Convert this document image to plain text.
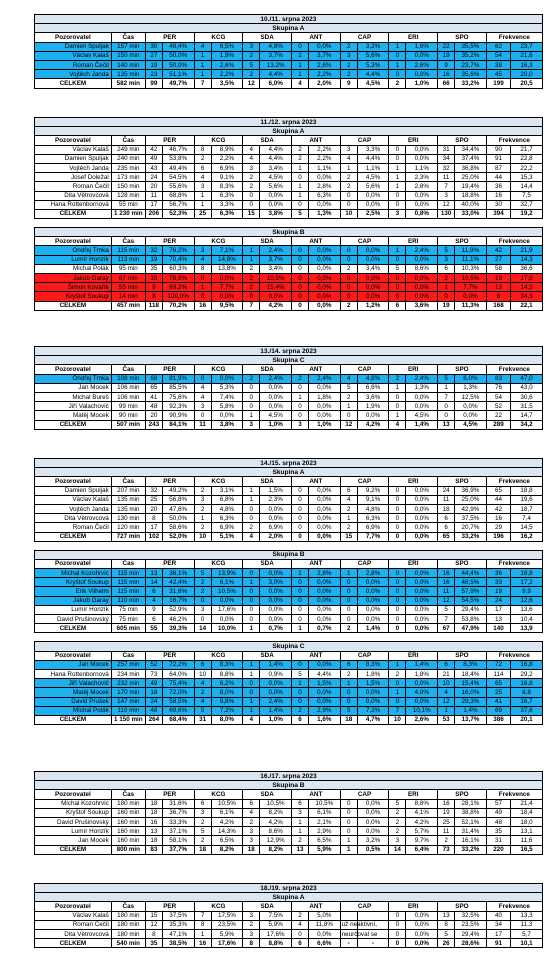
10./11. srpna 2023																	
Skupina A																	
Pozorovatel	Čas	PER		KCG		SDA		ANT		CAP		ERI		SPO		Frekvence	
Damien Špuljak	157 min	30	48,4%	4	6,5%	3	4,8%	0	0,0%	2	3,2%	1	1,6%	22	35,5%	62	23,7
Václav Kalaš	150 min	27	50,0%	1	1,9%	2	3,7%	2	3,7%	3	5,6%	0	0,0%	19	35,2%	54	21,6
Roman Čečil	140 min	19	50,0%	1	2,6%	5	13,2%	1	2,6%	2	5,3%	1	2,6%	9	23,7%	38	16,3
Vojtěch Janda	135 min	23	51,1%	1	2,2%	2	4,4%	1	2,2%	2	4,4%	0	0,0%	16	35,6%	45	20,0
CELKEM	582 min	99	49,7%	7	3,5%	12	6,0%	4	2,0%	9	4,5%	2	1,0%	66	33,2%	199	20,5
11./12. srpna 2023																	
Skupina A																	
Pozorovatel	Čas	PER		KCG		SDA		ANT		CAP		ERI		SPO		Frekvence	
Václav Kalaš	249 min	42	46,7%	8	8,9%	4	4,4%	2	2,2%	3	3,3%	0	0,0%	31	34,4%	90	21,7
Damien Špuljak	240 min	49	53,8%	2	2,2%	4	4,4%	2	2,2%	4	4,4%	0	0,0%	34	37,4%	91	22,8
Vojtěch Janda	235 min	43	49,4%	6	6,9%	3	3,4%	1	1,1%	1	1,1%	1	1,1%	32	36,8%	87	22,2
Josef Doležal	173 min	24	54,5%	4	9,1%	2	4,5%	0	0,0%	2	4,5%	1	2,3%	11	25,0%	44	15,3
Roman Čečil	150 min	20	55,6%	3	8,3%	2	5,6%	1	2,8%	2	5,6%	1	2,8%	7	19,4%	36	14,4
Dita Větrovcová	128 min	11	68,8%	1	6,3%	0	0,0%	1	6,3%	0	0,0%	0	0,0%	3	18,8%	16	7,5
Hana Rottenbornová	55 min	17	56,7%	1	3,3%	0	0,0%	0	0,0%	0	0,0%	0	0,0%	12	40,0%	30	32,7
CELKEM	1 230 min	206	52,3%	25	6,3%	15	3,8%	5	1,3%	10	2,5%	3	0,8%	130	33,0%	394	19,2

Skupina B																	
Pozorovatel	Čas	PER		KCG		SDA		ANT		CAP		ERI		SPO		Frekvence	
Ondřej Trnka	115 min	32	76,2%	3	7,1%	1	2,4%	0	0,0%	0	0,0%	1	2,4%	5	11,9%	42	21,9
Lumír Honzík	113 min	19	70,4%	4	14,8%	1	3,7%	0	0,0%	0	0,0%	0	0,0%	3	11,1%	27	14,3
Michal Polák	95 min	35	60,3%	8	13,8%	2	3,4%	0	0,0%	2	3,4%	5	8,6%	6	10,3%	58	36,6
Jakub Garay	67 min	15	78,9%	0	0,0%	2	10,5%	0	0,0%	0	0,0%	0	0,0%	2	10,5%	19	17,0
Šimon Kovařík	55 min	9	69,2%	1	7,7%	2	15,4%	0	0,0%	0	0,0%	0	0,0%	1	7,7%	13	14,2
Kryštof Soukup	14 min	8	100,0%	0	0,0%	0	0,0%	0	0,0%	0	0,0%	0	0,0%	0	0,0%	8	34,3
CELKEM	457 min	118	70,2%	16	9,5%	7	4,2%	0	0,0%	2	1,2%	6	3,6%	19	11,3%	168	22,1
13./14. srpna 2023																	
Skupina C																	
Pozorovatel	Čas	PER		KCG		SDA		ANT		CAP		ERI		SPO		Frekvence	
Ondřej Trnka	108 min	68	81,9%	0	0,0%	2	2,4%	2	2,4%	4	4,8%	2	2,4%	5	6,0%	83	47,0
Jan Mocek	106 min	65	85,5%	4	5,3%	0	0,0%	0	0,0%	5	6,6%	1	1,3%	1	1,3%	76	43,0
Michal Bureš	106 min	41	75,6%	4	7,4%	0	0,0%	1	1,8%	2	3,6%	0	0,0%	7	12,5%	54	30,6
Jiří Valachovič	99 min	48	92,3%	3	5,8%	0	0,0%	0	0,0%	1	1,9%	0	0,0%	0	0,0%	52	31,5
Matěj Mocek	90 min	20	90,9%	0	0,0%	1	4,5%	0	0,0%	0	0,0%	1	4,5%	0	0,0%	22	14,7
CELKEM	507 min	243	84,1%	11	3,8%	3	1,0%	3	1,0%	12	4,2%	4	1,4%	13	4,5%	289	34,2
14./15. srpna 2023																	
Skupina A																	
Pozorovatel	Čas	PER		KCG		SDA		ANT		CAP		ERI		SPO		Frekvence	
Damien Špuljak	207 min	32	49,2%	2	3,1%	1	1,5%	0	0,0%	6	9,2%	0	0,0%	24	36,9%	65	18,8
Václav Kalaš	135 min	25	56,8%	3	6,8%	1	2,3%	0	0,0%	4	9,1%	0	0,0%	11	25,0%	44	19,6
Vojtěch Janda	135 min	20	47,6%	2	4,8%	0	0,0%	0	0,0%	2	4,8%	0	0,0%	18	42,9%	42	18,7
Dita Větrovcová	130 min	8	50,0%	1	6,3%	0	0,0%	0	0,0%	1	6,3%	0	0,0%	6	37,5%	16	7,4
Roman Čečil	120 min	17	58,6%	2	6,9%	2	6,9%	0	0,0%	2	6,9%	0	0,0%	6	20,7%	29	14,5
CELKEM	727 min	102	52,0%	10	5,1%	4	2,0%	0	0,0%	15	7,7%	0	0,0%	65	33,2%	196	16,2

Skupina B																	
Pozorovatel	Čas	PER		KCG		SDA		ANT		CAP		ERI		SPO		Frekvence	
Michal Kozohrvic	115 min	13	36,1%	5	13,9%	0	0,0%	1	2,8%	1	2,8%	0	0,0%	16	44,4%	36	18,8
Kryštof Soukup	115 min	14	42,4%	2	6,1%	1	3,0%	0	0,0%	0	0,0%	0	0,0%	16	48,5%	33	17,2
Erik Vilhelm	115 min	6	31,6%	2	10,5%	0	0,0%	0	0,0%	0	0,0%	0	0,0%	11	57,9%	19	9,9
Jakub Garay	110 min	4	16,7%	0	0,0%	0	0,0%	0	0,0%	0	0,0%	0	0,0%	12	54,5%	24	12,6
Lumír Honzík	75 min	9	52,9%	3	17,6%	0	0,0%	0	0,0%	0	0,0%	0	0,0%	5	29,4%	17	13,6
David Prušinovský	75 min	6	46,2%	0	0,0%	0	0,0%	0	0,0%	0	0,0%	0	0,0%	7	53,8%	13	10,4
CELKEM	605 min	55	39,3%	14	10,0%	1	0,7%	1	0,7%	2	1,4%	0	0,0%	67	47,9%	140	13,9

Skupina C																	
Pozorovatel	Čas	PER		KCG		SDA		ANT		CAP		ERI		SPO		Frekvence	
Jan Mocek	257 min	52	72,2%	6	8,3%	1	1,4%	0	0,0%	6	8,3%	1	1,4%	6	8,3%	72	16,8
Hana Rottenbornová	234 min	73	64,0%	10	8,8%	1	0,9%	5	4,4%	2	1,8%	2	1,8%	21	18,4%	114	29,2
Jiří Valachovič	232 min	49	75,4%	4	6,2%	0	0,0%	1	1,5%	1	1,5%	0	0,0%	10	15,4%	65	16,8
Matěj Mocek	170 min	18	72,0%	2	8,0%	0	0,0%	0	0,0%	0	0,0%	1	4,0%	4	16,0%	25	8,8
David Prušek	147 min	24	58,5%	4	9,8%	1	2,4%	0	0,0%	0	0,0%	0	0,0%	12	29,3%	41	16,7
Michal Polák	110 min	48	69,6%	5	7,2%	1	1,4%	2	2,9%	5	7,2%	7	10,1%	1	1,4%	69	37,6
CELKEM	1 150 min	264	68,4%	31	8,0%	4	1,0%	6	1,6%	18	4,7%	10	2,6%	53	13,7%	386	20,1
16./17. srpna 2023																	
Skupina B																	
Pozorovatel	Čas	PER		KCG		SDA		ANT		CAP		ERI		SPO		Frekvence	
Michal Kozohrvic	180 min	18	31,6%	6	10,5%	6	10,5%	6	10,5%	0	0,0%	5	8,8%	16	28,1%	57	21,4
Kryštof Soukup	160 min	18	36,7%	3	6,1%	4	8,2%	3	6,1%	0	0,0%	2	4,1%	19	38,8%	49	18,4
David Prušinovský	160 min	16	33,3%	2	4,2%	2	4,2%	1	2,1%	0	0,0%	2	4,2%	25	52,1%	48	18,0
Lumír Honzík	160 min	13	37,1%	5	14,3%	3	8,6%	1	2,9%	0	0,0%	2	5,7%	11	31,4%	35	13,1
Jan Mocek	160 min	18	58,1%	2	6,5%	3	12,9%	2	6,5%	1	3,2%	3	9,7%	2	16,1%	31	11,6
CELKEM	800 min	83	37,7%	18	8,2%	18	8,2%	13	5,9%	1	0,5%	14	6,4%	73	33,2%	220	16,5
18./19. srpna 2023																	
Skupina A																	
Pozorovatel	Čas	PER		KCG		SDA		ANT		CAP		ERI		SPO		Frekvence	
Václav Kalaš	180 min	15	37,5%	7	17,5%	3	7,5%	2	5,0%			0	0,0%	13	32,5%	40	13,3
Roman Čečil	180 min	12	35,3%	8	23,5%	2	5,9%	4	11,8%	už neaktivní,		0	0,0%	8	23,5%	34	11,3
Dita Větrovcová	180 min	8	47,1%	1	5,9%	3	17,6%	0	0,0%	neurčoval se		0	0,0%	5	29,4%	17	5,7
CELKEM	540 min	35	38,5%	16	17,6%	8	8,8%	6	6,6%	-	-	0	0,0%	26	28,6%	91	10,1
